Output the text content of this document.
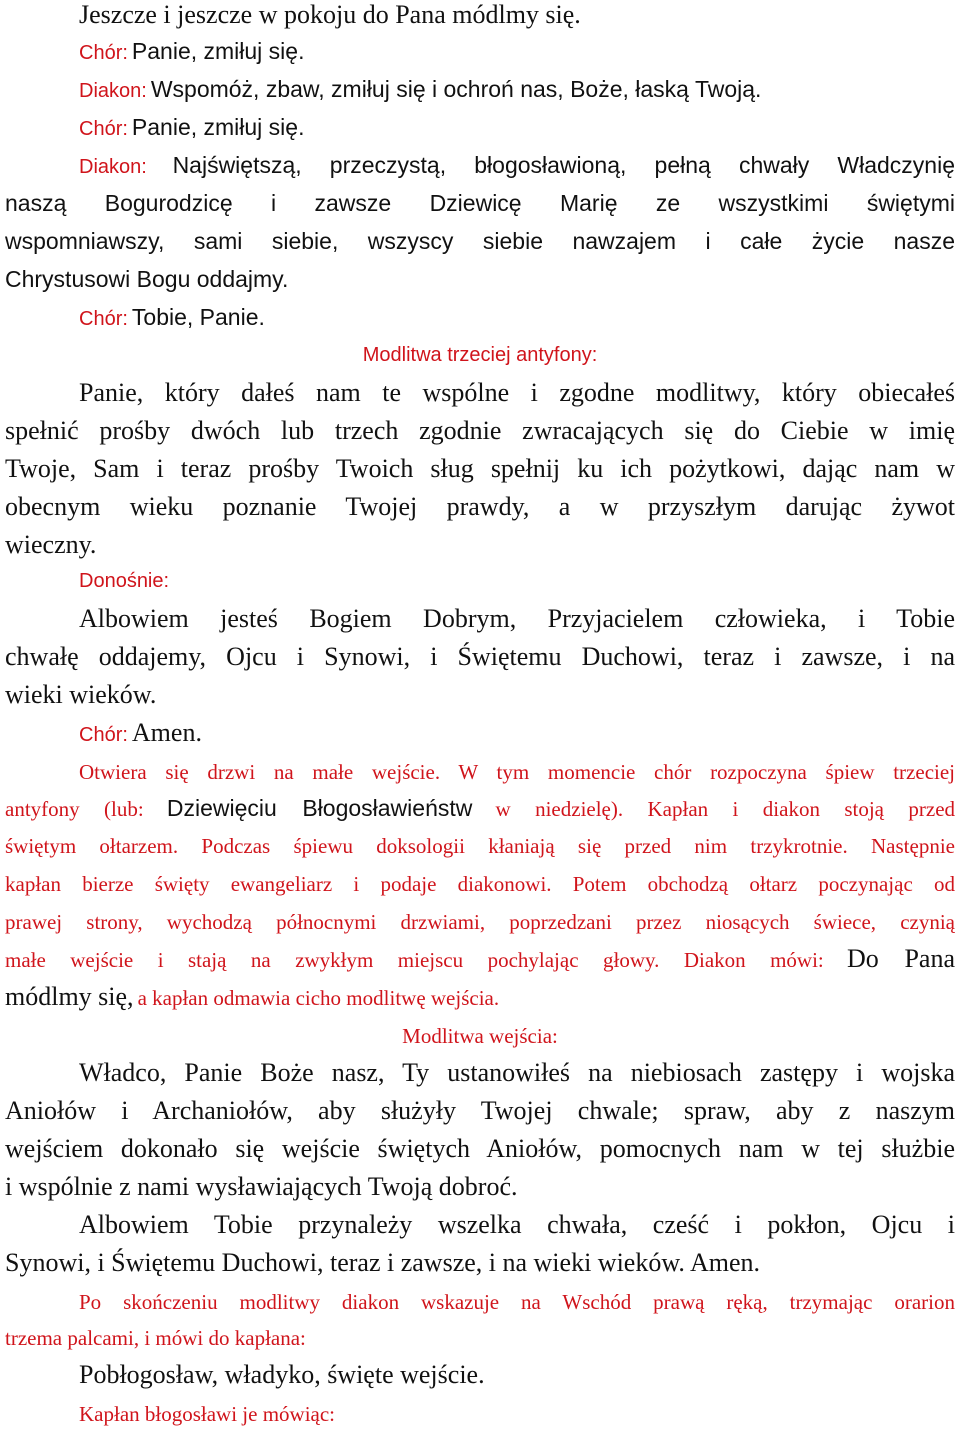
Jeszcze i jeszcze w pokoju do Pana módlmy się.
Chór: Panie, zmiłuj się.
Diakon: Wspomóż, zbaw, zmiłuj się i ochroń nas, Boże, łaską Twoją.
Chór: Panie, zmiłuj się.
Diakon: Najświętszą, przeczystą, błogosławioną, pełną chwały Władczynię
naszą Bogurodzicę i zawsze Dziewicę Marię ze wszystkimi świętymi
wspomniawszy, sami siebie, wszyscy siebie nawzajem i całe życie nasze
Chrystusowi Bogu oddajmy.
Chór: Tobie, Panie.
Modlitwa trzeciej antyfony:
Panie, który dałeś nam te wspólne i zgodne modlitwy, który obiecałeś
spełnić prośby dwóch lub trzech zgodnie zwracających się do Ciebie w imię
Twoje, Sam i teraz prośby Twoich sług spełnij ku ich pożytkowi, dając nam w
obecnym wieku poznanie Twojej prawdy, a w przyszłym darując żywot
wieczny.
Donośnie:
Albowiem jesteś Bogiem Dobrym, Przyjacielem człowieka, i Tobie
chwałę oddajemy, Ojcu i Synowi, i Świętemu Duchowi, teraz i zawsze, i na
wieki wieków.
Chór: Amen.
Otwiera się drzwi na małe wejście. W tym momencie chór rozpoczyna śpiew trzeciej
antyfony (lub: Dziewięciu Błogosławieństw w niedzielę). Kapłan i diakon stoją przed
świętym ołtarzem. Podczas śpiewu doksologii kłaniają się przed nim trzykrotnie. Następnie
kapłan bierze święty ewangeliarz i podaje diakonowi. Potem obchodzą ołtarz poczynając od
prawej strony, wychodzą północnymi drzwiami, poprzedzani przez niosących świece, czynią
małe wejście i stają na zwykłym miejscu pochylając głowy. Diakon mówi: Do Pana
módlmy się, a kapłan odmawia cicho modlitwę wejścia.
Modlitwa wejścia:
Władco, Panie Boże nasz, Ty ustanowiłeś na niebiosach zastępy i wojska
Aniołów i Archaniołów, aby służyły Twojej chwale; spraw, aby z naszym
wejściem dokonało się wejście świętych Aniołów, pomocnych nam w tej służbie
i wspólnie z nami wysławiających Twoją dobroć.
Albowiem Tobie przynależy wszelka chwała, cześć i pokłon, Ojcu i
Synowi, i Świętemu Duchowi, teraz i zawsze, i na wieki wieków. Amen.
Po skończeniu modlitwy diakon wskazuje na Wschód prawą ręką, trzymając orarion
trzema palcami, i mówi do kapłana:
Pobłogosław, władyko, święte wejście.
Kapłan błogosławi je mówiąc:
